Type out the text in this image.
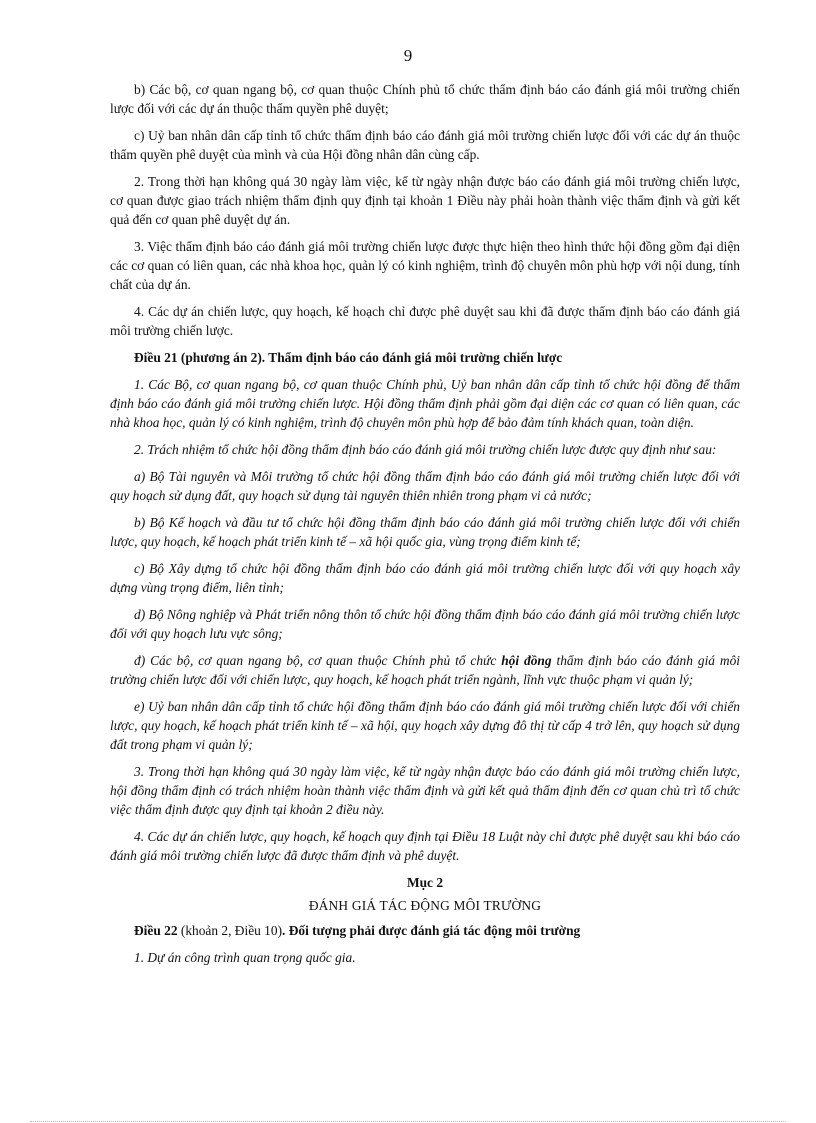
9

b) Các bộ, cơ quan ngang bộ, cơ quan thuộc Chính phủ tổ chức thẩm định báo cáo đánh giá môi trường chiến lược đối với các dự án thuộc thẩm quyền phê duyệt;

c) Uỷ ban nhân dân cấp tỉnh tổ chức thẩm định báo cáo đánh giá môi trường chiến lược đối với các dự án thuộc thẩm quyền phê duyệt của mình và của Hội đồng nhân dân cùng cấp.

2. Trong thời hạn không quá 30 ngày làm việc, kể từ ngày nhận được báo cáo đánh giá môi trường chiến lược, cơ quan được giao trách nhiệm thẩm định quy định tại khoản 1 Điều này phải hoàn thành việc thẩm định và gửi kết quả đến cơ quan phê duyệt dự án.

3. Việc thẩm định báo cáo đánh giá môi trường chiến lược được thực hiện theo hình thức hội đồng gồm đại diện các cơ quan có liên quan, các nhà khoa học, quản lý có kinh nghiệm, trình độ chuyên môn phù hợp với nội dung, tính chất của dự án.

4. Các dự án chiến lược, quy hoạch, kế hoạch chỉ được phê duyệt sau khi đã được thẩm định báo cáo đánh giá môi trường chiến lược.

Điều 21 (phương án 2). Thẩm định báo cáo đánh giá môi trường chiến lược

1. Các Bộ, cơ quan ngang bộ, cơ quan thuộc Chính phủ, Uỷ ban nhân dân cấp tỉnh tổ chức hội đồng để thẩm định báo cáo đánh giá môi trường chiến lược. Hội đồng thẩm định phải gồm đại diện các cơ quan có liên quan, các nhà khoa học, quản lý có kinh nghiệm, trình độ chuyên môn phù hợp để bảo đảm tính khách quan, toàn diện.

2. Trách nhiệm tổ chức hội đồng thẩm định báo cáo đánh giá môi trường chiến lược được quy định như sau:

a) Bộ Tài nguyên và Môi trường tổ chức hội đồng thẩm định báo cáo đánh giá môi trường chiến lược đối với quy hoạch sử dụng đất, quy hoạch sử dụng tài nguyên thiên nhiên trong phạm vi cả nước;

b) Bộ Kế hoạch và đầu tư tổ chức hội đồng thẩm định báo cáo đánh giá môi trường chiến lược đối với chiến lược, quy hoạch, kế hoạch phát triển kinh tế – xã hội quốc gia, vùng trọng điểm kinh tế;

c) Bộ Xây dựng tổ chức hội đồng thẩm định báo cáo đánh giá môi trường chiến lược đối với quy hoạch xây dựng vùng trọng điểm, liên tỉnh;

d) Bộ Nông nghiệp và Phát triển nông thôn tổ chức hội đồng thẩm định báo cáo đánh giá môi trường chiến lược đối với quy hoạch lưu vực sông;

đ) Các bộ, cơ quan ngang bộ, cơ quan thuộc Chính phủ tổ chức hội đồng thẩm định báo cáo đánh giá môi trường chiến lược đối với chiến lược, quy hoạch, kế hoạch phát triển ngành, lĩnh vực thuộc phạm vi quản lý;

e) Uỷ ban nhân dân cấp tỉnh tổ chức hội đồng thẩm định báo cáo đánh giá môi trường chiến lược đối với chiến lược, quy hoạch, kế hoạch phát triển kinh tế – xã hội, quy hoạch xây dựng đô thị từ cấp 4 trở lên, quy hoạch sử dụng đất trong phạm vi quản lý;

3. Trong thời hạn không quá 30 ngày làm việc, kể từ ngày nhận được báo cáo đánh giá môi trường chiến lược, hội đồng thẩm định có trách nhiệm hoàn thành việc thẩm định và gửi kết quả thẩm định đến cơ quan chủ trì tổ chức việc thẩm định được quy định tại khoản 2 điều này.

4. Các dự án chiến lược, quy hoạch, kế hoạch quy định tại Điều 18 Luật này chỉ được phê duyệt sau khi báo cáo đánh giá môi trường chiến lược đã được thẩm định và phê duyệt.

Mục 2

ĐÁNH GIÁ TÁC ĐỘNG MÔI TRƯỜNG

Điều 22 (khoản 2, Điều 10). Đối tượng phải được đánh giá tác động môi trường

1. Dự án công trình quan trọng quốc gia.
